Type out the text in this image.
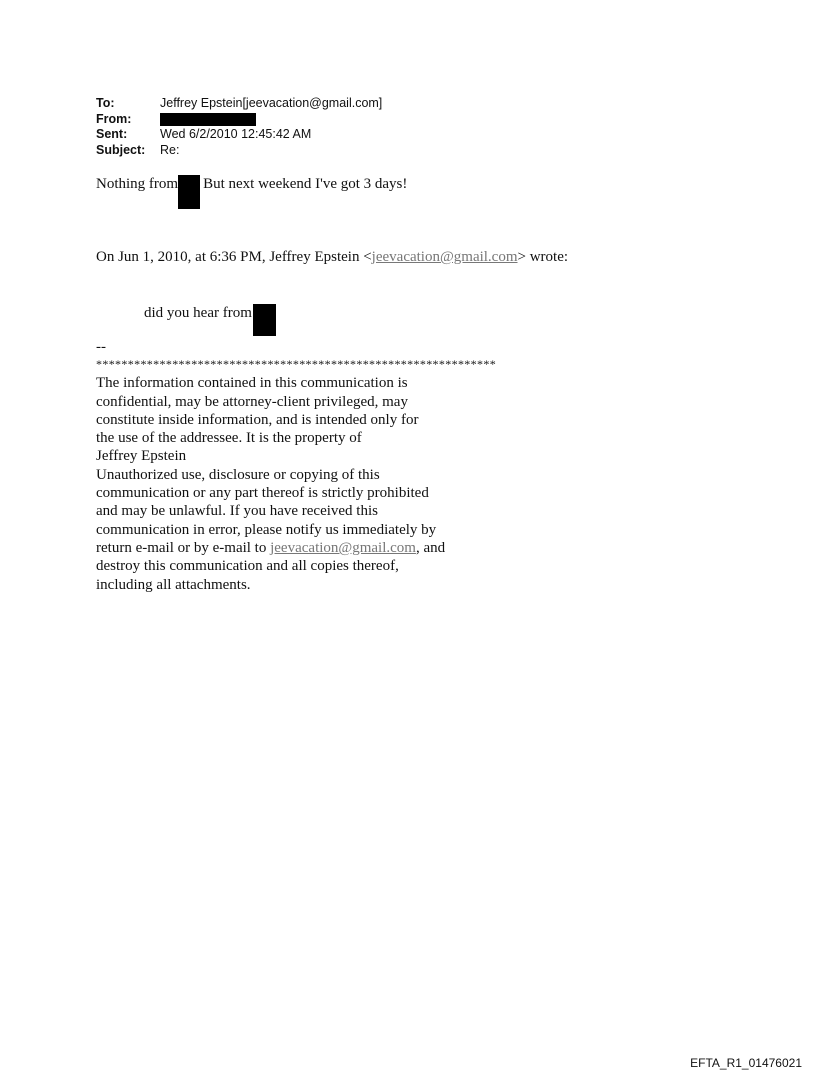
To:	Jeffrey Epstein[jeevacation@gmail.com]
From:
Sent:	Wed 6/2/2010 12:45:42 AM
Subject:	Re:
Nothing from But next weekend I've got 3 days!
On Jun 1, 2010, at 6:36 PM, Jeffrey Epstein <jeevacation@gmail.com> wrote:
did you hear from
--
***************************************************************
The information contained in this communication is
confidential, may be attorney-client privileged, may
constitute inside information, and is intended only for
the use of the addressee. It is the property of
Jeffrey Epstein
Unauthorized use, disclosure or copying of this
communication or any part thereof is strictly prohibited
and may be unlawful. If you have received this
communication in error, please notify us immediately by
return e-mail or by e-mail to jeevacation@gmail.com, and
destroy this communication and all copies thereof,
including all attachments.
EFTA_R1_01476021
